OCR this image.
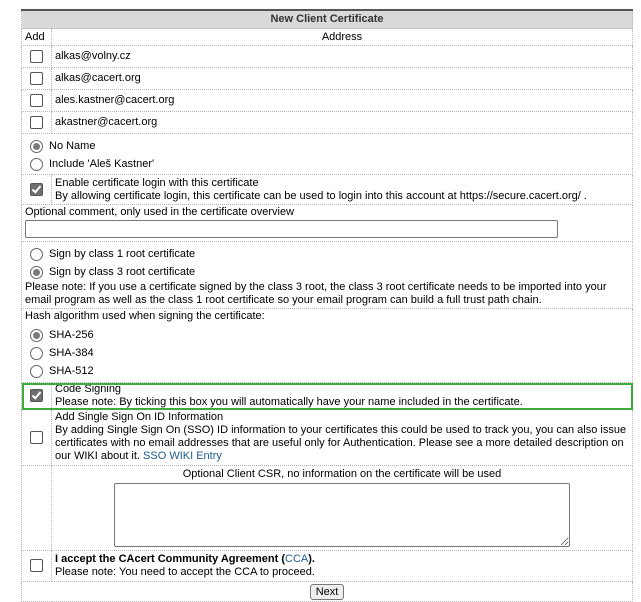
New Client Certificate	
Add	Address
	alkas@volny.cz
	alkas@cacert.org
	ales.kastner@cacert.org
	akastner@cacert.org

No Name
Include 'Aleš Kastner'	

	Enable certificate login with this certificate
By allowing certificate login, this certificate can be used to login into this account at https://secure.cacert.org/ .

Optional comment, only used in the certificate overview	

Sign by class 1 root certificate
Sign by class 3 root certificate
Please note: If you use a certificate signed by the class 3 root, the class 3 root certificate needs to be imported into your email program as well as the class 1 root certificate so your email program can build a full trust path chain.	

Hash algorithm used when signing the certificate:
SHA-256
SHA-384
SHA-512	

	Code Signing
Please note: By ticking this box you will automatically have your name included in the certificate.

	Add Single Sign On ID Information
By adding Single Sign On (SSO) ID information to your certificates this could be used to track you, you can also issue certificates with no email addresses that are useful only for Authentication. Please see a more detailed description on our WIKI about it. SSO WIKI Entry

	Optional Client CSR, no information on the certificate will be used

	I accept the CAcert Community Agreement (CCA).
Please note: You need to accept the CCA to proceed.

Next	
